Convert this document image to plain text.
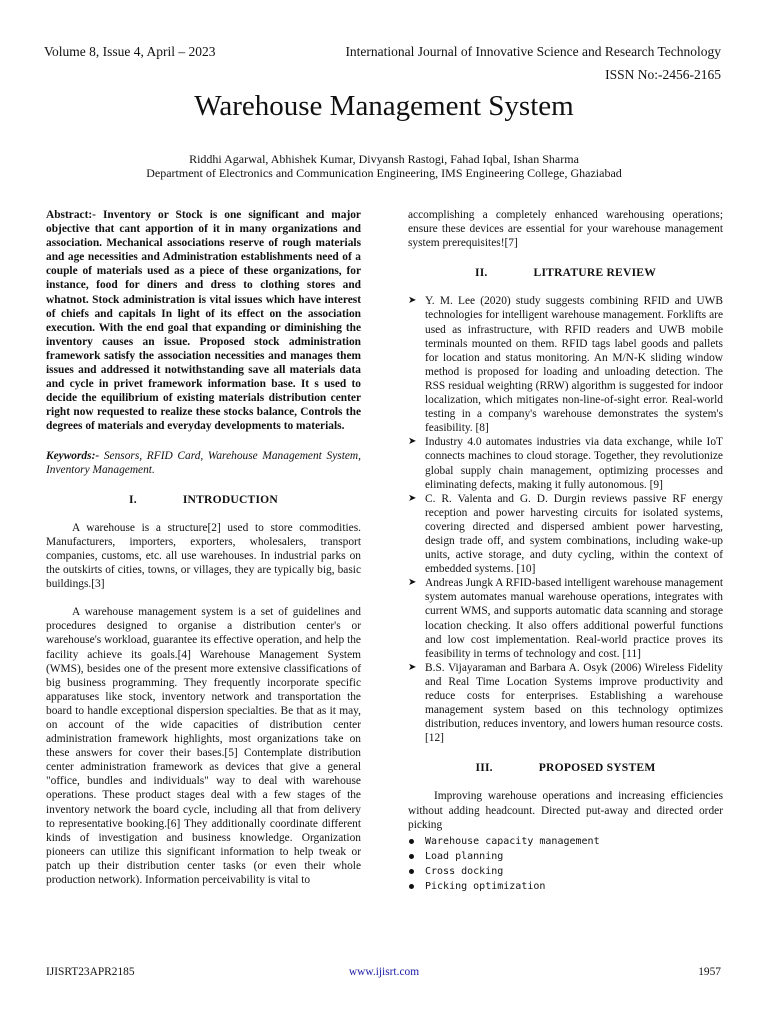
Volume 8, Issue 4, April – 2023	International Journal of Innovative Science and Research Technology
ISSN No:-2456-2165
Warehouse Management System
Riddhi Agarwal, Abhishek Kumar, Divyansh Rastogi, Fahad Iqbal, Ishan Sharma
Department of Electronics and Communication Engineering, IMS Engineering College, Ghaziabad

Abstract:- Inventory or Stock is one significant and major objective that cant apportion of it in many organizations and association. Mechanical associations reserve of rough materials and age necessities and Administration establishments need of a couple of materials used as a piece of these organizations, for instance, food for diners and dress to clothing stores and whatnot. Stock administration is vital issues which have interest of chiefs and capitals In light of its effect on the association execution. With the end goal that expanding or diminishing the inventory causes an issue. Proposed stock administration framework satisfy the association necessities and manages them issues and addressed it notwithstanding save all materials data and cycle in privet framework information base. It s used to decide the equilibrium of existing materials distribution center right now requested to realize these stocks balance, Controls the degrees of materials and everyday developments to materials.

Keywords:- Sensors, RFID Card, Warehouse Management System, Inventory Management.

I.	INTRODUCTION

A warehouse is a structure[2] used to store commodities. Manufacturers, importers, exporters, wholesalers, transport companies, customs, etc. all use warehouses. In industrial parks on the outskirts of cities, towns, or villages, they are typically big, basic buildings.[3]

A warehouse management system is a set of guidelines and procedures designed to organise a distribution center's or warehouse's workload, guarantee its effective operation, and help the facility achieve its goals.[4] Warehouse Management System (WMS), besides one of the present more extensive classifications of big business programming. They frequently incorporate specific apparatuses like stock, inventory network and transportation the board to handle exceptional dispersion specialties. Be that as it may, on account of the wide capacities of distribution center administration framework highlights, most organizations take on these answers for cover their bases.[5] Contemplate distribution center administration framework as devices that give a general "office, bundles and individuals" way to deal with warehouse operations. These product stages deal with a few stages of the inventory network the board cycle, including all that from delivery to representative booking.[6] They additionally coordinate different kinds of investigation and business knowledge. Organization pioneers can utilize this significant information to help tweak or patch up their distribution center tasks (or even their whole production network). Information perceivability is vital to

accomplishing a completely enhanced warehousing operations; ensure these devices are essential for your warehouse management system prerequisites![7]

II.	LITRATURE REVIEW
➤ Y. M. Lee (2020) study suggests combining RFID and UWB technologies for intelligent warehouse management. Forklifts are used as infrastructure, with RFID readers and UWB mobile terminals mounted on them. RFID tags label goods and pallets for location and status monitoring. An M/N-K sliding window method is proposed for loading and unloading detection. The RSS residual weighting (RRW) algorithm is suggested for indoor localization, which mitigates non-line-of-sight error. Real-world testing in a company's warehouse demonstrates the system's feasibility. [8]
➤ Industry 4.0 automates industries via data exchange, while IoT connects machines to cloud storage. Together, they revolutionize global supply chain management, optimizing processes and eliminating defects, making it fully autonomous. [9]
➤ C. R. Valenta and G. D. Durgin reviews passive RF energy reception and power harvesting circuits for isolated systems, covering directed and dispersed ambient power harvesting, design trade off, and system combinations, including wake-up units, active storage, and duty cycling, within the context of embedded systems. [10]
➤ Andreas Jungk A RFID-based intelligent warehouse management system automates manual warehouse operations, integrates with current WMS, and supports automatic data scanning and storage location checking. It also offers additional powerful functions and low cost implementation. Real-world practice proves its feasibility in terms of technology and cost. [11]
➤ B.S. Vijayaraman and Barbara A. Osyk (2006) Wireless Fidelity and Real Time Location Systems improve productivity and reduce costs for enterprises. Establishing a warehouse management system based on this technology optimizes distribution, reduces inventory, and lowers human resource costs. [12]
III.	PROPOSED SYSTEM

Improving warehouse operations and increasing efficiencies without adding headcount. Directed put-away and directed order picking

Warehouse capacity management
Load planning
Cross docking
Picking optimization
IJISRT23APR2185	www.ijisrt.com	1957
